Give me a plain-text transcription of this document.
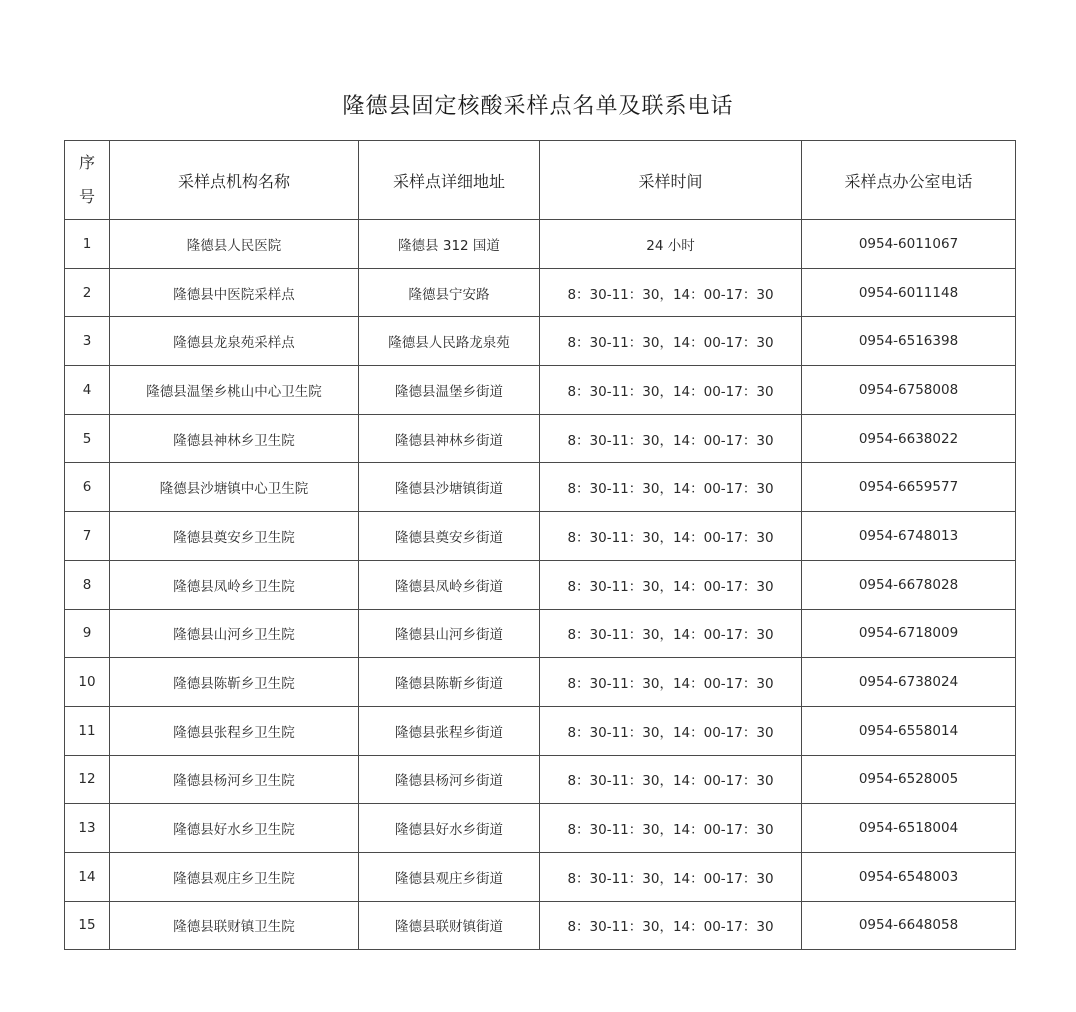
隆德县固定核酸采样点名单及联系电话
序
号	采样点机构名称	采样点详细地址	采样时间	采样点办公室电话
1	隆德县人民医院	隆德县 312 国道	24 小时	0954-6011067
2	隆德县中医院采样点	隆德县宁安路	8：30-11：30，14：00-17：30	0954-6011148
3	隆德县龙泉苑采样点	隆德县人民路龙泉苑	8：30-11：30，14：00-17：30	0954-6516398
4	隆德县温堡乡桃山中心卫生院	隆德县温堡乡街道	8：30-11：30，14：00-17：30	0954-6758008
5	隆德县神林乡卫生院	隆德县神林乡街道	8：30-11：30，14：00-17：30	0954-6638022
6	隆德县沙塘镇中心卫生院	隆德县沙塘镇街道	8：30-11：30，14：00-17：30	0954-6659577
7	隆德县奠安乡卫生院	隆德县奠安乡街道	8：30-11：30，14：00-17：30	0954-6748013
8	隆德县凤岭乡卫生院	隆德县凤岭乡街道	8：30-11：30，14：00-17：30	0954-6678028
9	隆德县山河乡卫生院	隆德县山河乡街道	8：30-11：30，14：00-17：30	0954-6718009
10	隆德县陈靳乡卫生院	隆德县陈靳乡街道	8：30-11：30，14：00-17：30	0954-6738024
11	隆德县张程乡卫生院	隆德县张程乡街道	8：30-11：30，14：00-17：30	0954-6558014
12	隆德县杨河乡卫生院	隆德县杨河乡街道	8：30-11：30，14：00-17：30	0954-6528005
13	隆德县好水乡卫生院	隆德县好水乡街道	8：30-11：30，14：00-17：30	0954-6518004
14	隆德县观庄乡卫生院	隆德县观庄乡街道	8：30-11：30，14：00-17：30	0954-6548003
15	隆德县联财镇卫生院	隆德县联财镇街道	8：30-11：30，14：00-17：30	0954-6648058
